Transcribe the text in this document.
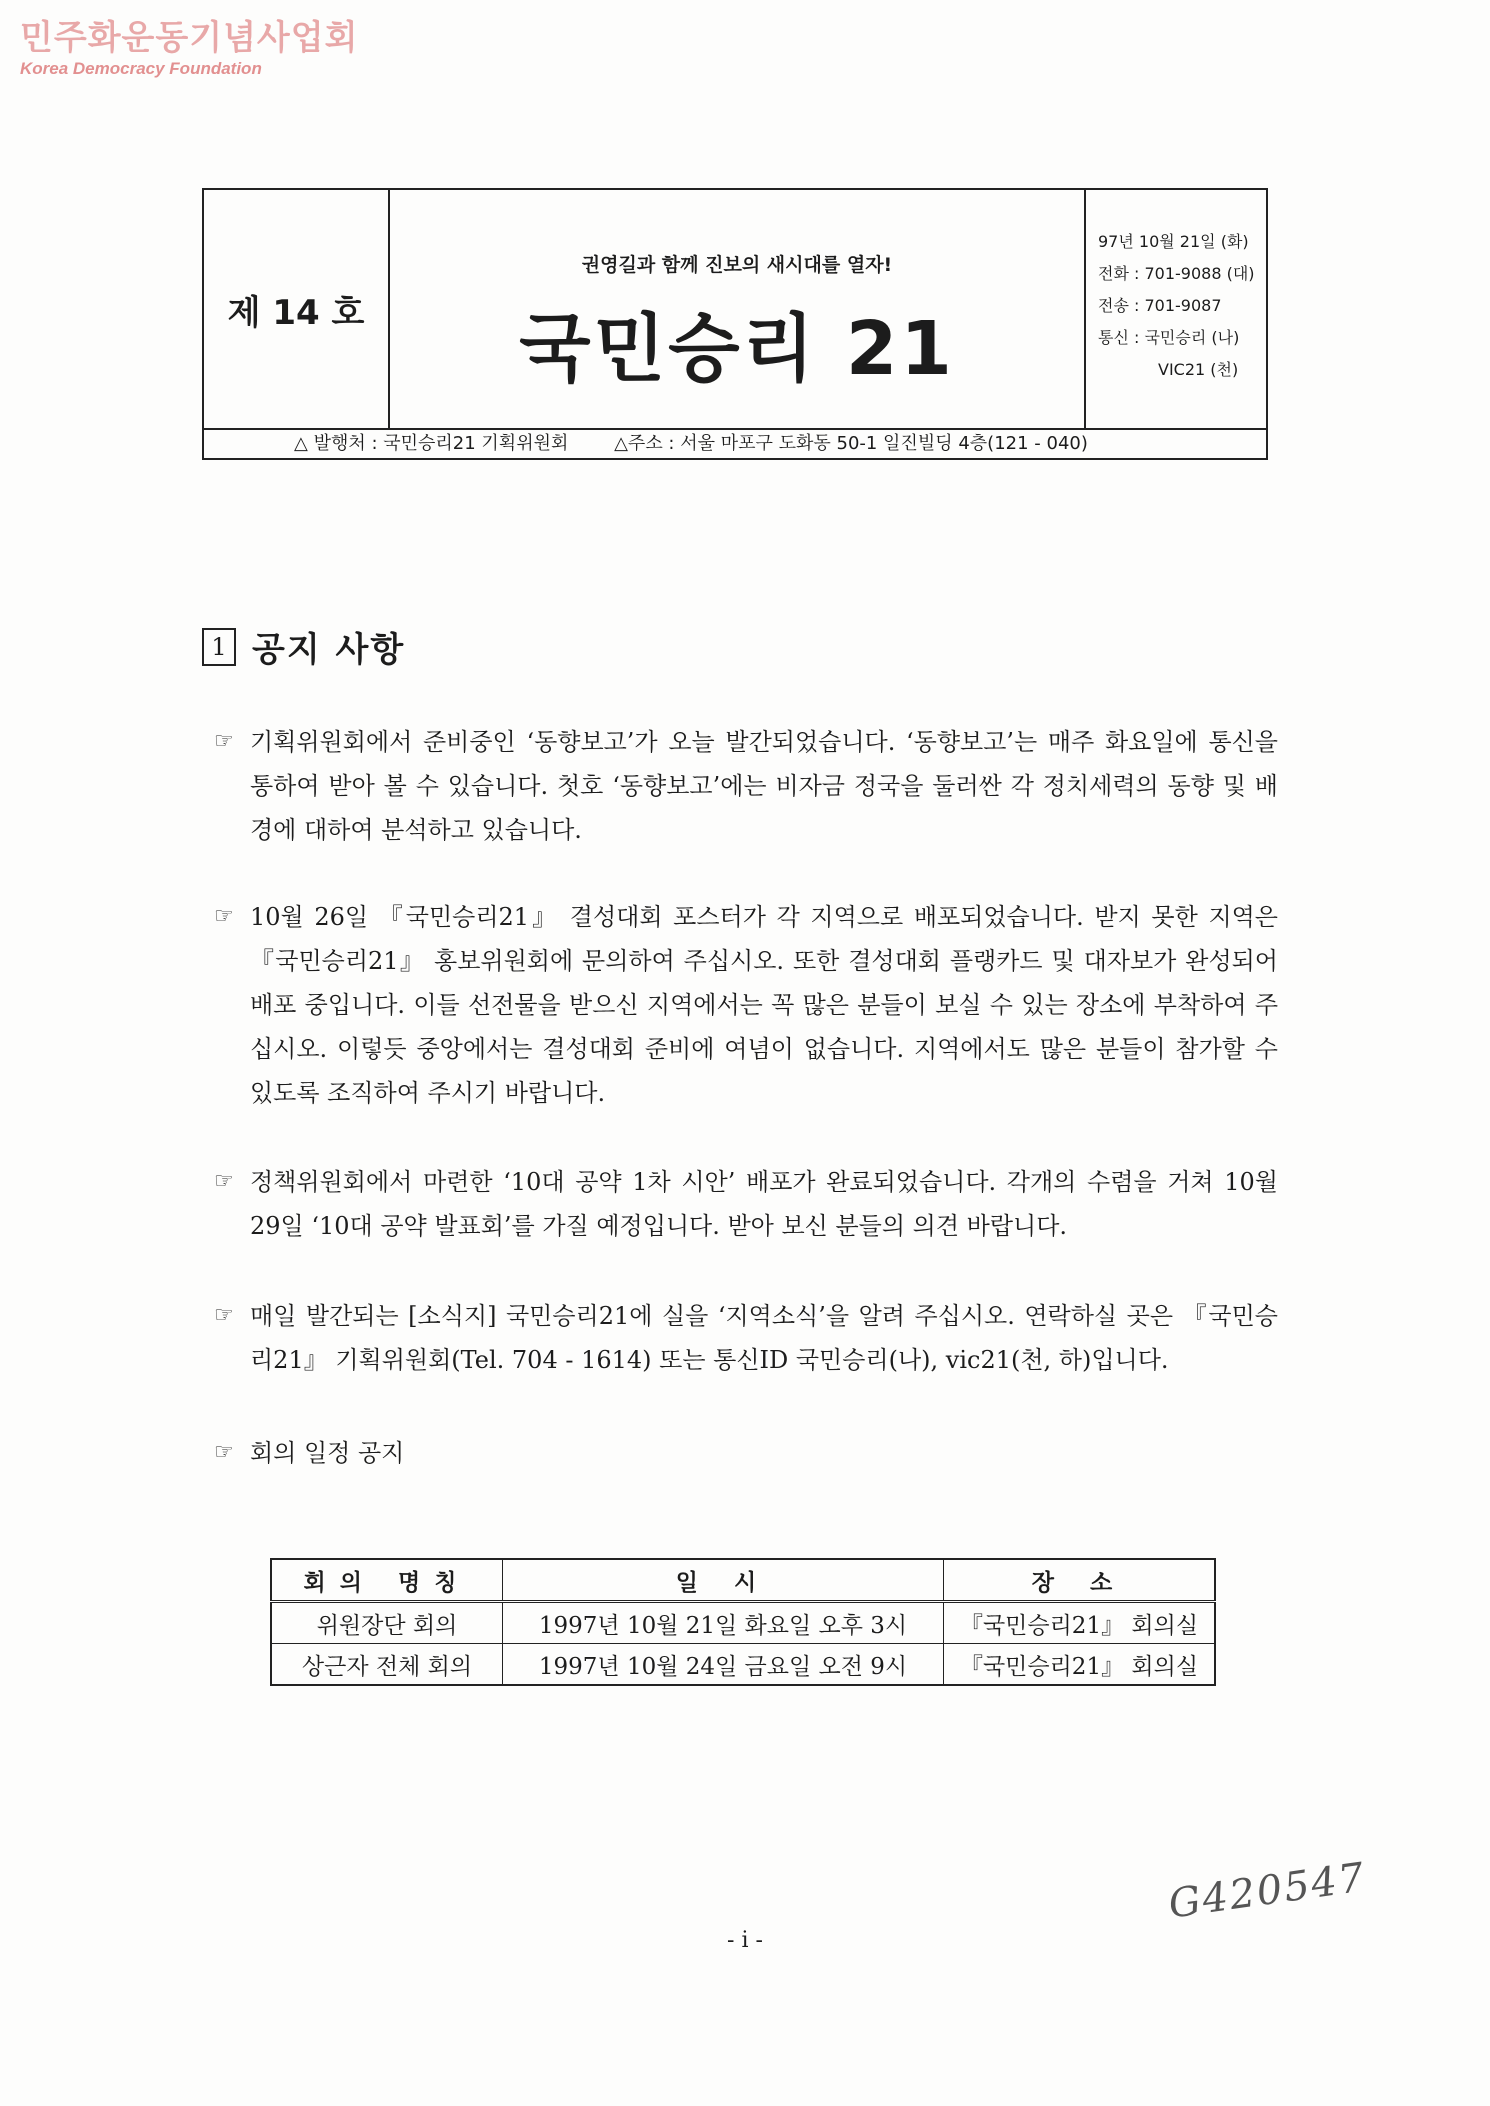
민주화운동기념사업회
Korea Democracy Foundation
제 14 호
권영길과 함께 진보의 새시대를 열자!
국민승리 21
97년 10월 21일 (화)
전화 : 701-9088 (대)
전송 : 701-9087
통신 : 국민승리 (나)
VIC21 (천)
△ 발행처 : 국민승리21 기획위원회	△주소 : 서울 마포구 도화동 50-1 일진빌딩 4층(121 - 040)
1 공지 사항
☞ 기획위원회에서 준비중인 ‘동향보고’가 오늘 발간되었습니다. ‘동향보고’는 매주 화요일에 통신을 통하여 받아 볼 수 있습니다. 첫호 ‘동향보고’에는 비자금 정국을 둘러싼 각 정치세력의 동향 및 배경에 대하여 분석하고 있습니다.
☞ 10월 26일 『국민승리21』 결성대회 포스터가 각 지역으로 배포되었습니다. 받지 못한 지역은 『국민승리21』 홍보위원회에 문의하여 주십시오. 또한 결성대회 플랭카드 및 대자보가 완성되어 배포 중입니다. 이들 선전물을 받으신 지역에서는 꼭 많은 분들이 보실 수 있는 장소에 부착하여 주십시오. 이렇듯 중앙에서는 결성대회 준비에 여념이 없습니다. 지역에서도 많은 분들이 참가할 수 있도록 조직하여 주시기 바랍니다.
☞ 정책위원회에서 마련한 ‘10대 공약 1차 시안’ 배포가 완료되었습니다. 각개의 수렴을 거쳐 10월 29일 ‘10대 공약 발표회’를 가질 예정입니다. 받아 보신 분들의 의견 바랍니다.
☞ 매일 발간되는 [소식지] 국민승리21에 실을 ‘지역소식’을 알려 주십시오. 연락하실 곳은 『국민승리21』 기획위원회(Tel. 704 - 1614) 또는 통신ID 국민승리(나), vic21(천, 하)입니다.
☞ 회의 일정 공지
회의 명칭	일 시	장 소
위원장단 회의	1997년 10월 21일 화요일 오후 3시	『국민승리21』 회의실
상근자 전체 회의	1997년 10월 24일 금요일 오전 9시	『국민승리21』 회의실
G420547
- i -
